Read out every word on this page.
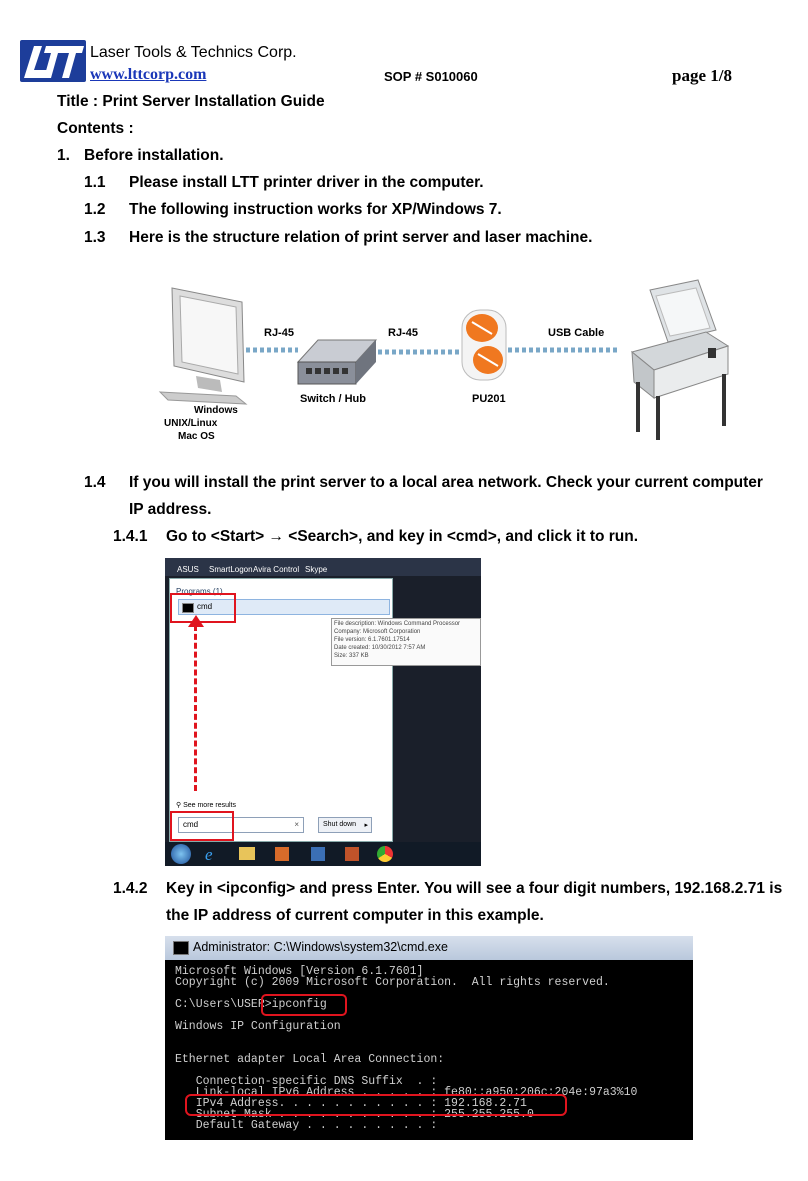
Laser Tools & Technics Corp.
www.lttcorp.com	SOP # S010060	page 1/8
Title : Print Server Installation Guide
Contents :
1. Before installation.
1.1 Please install LTT printer driver in the computer.
1.2 The following instruction works for XP/Windows 7.
1.3 Here is the structure relation of print server and laser machine.
Windows
UNIX/Linux
Mac OS
RJ-45
Switch / Hub
RJ-45
PU201
USB Cable
1.4 If you will install the print server to a local area network. Check your current computer
IP address.
1.4.1 Go to <Start> → <Search>, and key in <cmd>, and click it to run.
ASUS SmartLogon Avira Control Skype
Programs (1)
cmd
⚲ See more results
cmd	×	Shut down ▸
File description: Windows Command Processor
Company: Microsoft Corporation
File version: 6.1.7601.17514
Date created: 10/30/2012 7:57 AM
Size: 337 KB
e
1.4.2 Key in <ipconfig> and press Enter. You will see a four digit numbers, 192.168.2.71 is
the IP address of current computer in this example.
Administrator: C:\Windows\system32\cmd.exe
Microsoft Windows [Version 6.1.7601]
Copyright (c) 2009 Microsoft Corporation.  All rights reserved.
C:\Users\USER>ipconfig
Windows IP Configuration
Ethernet adapter Local Area Connection:
Connection-specific DNS Suffix  . :
Link-local IPv6 Address . . . . . : fe80::a950:206c:204e:97a3%10
IPv4 Address. . . . . . . . . . . : 192.168.2.71
Subnet Mask . . . . . . . . . . . : 255.255.255.0
Default Gateway . . . . . . . . . :
